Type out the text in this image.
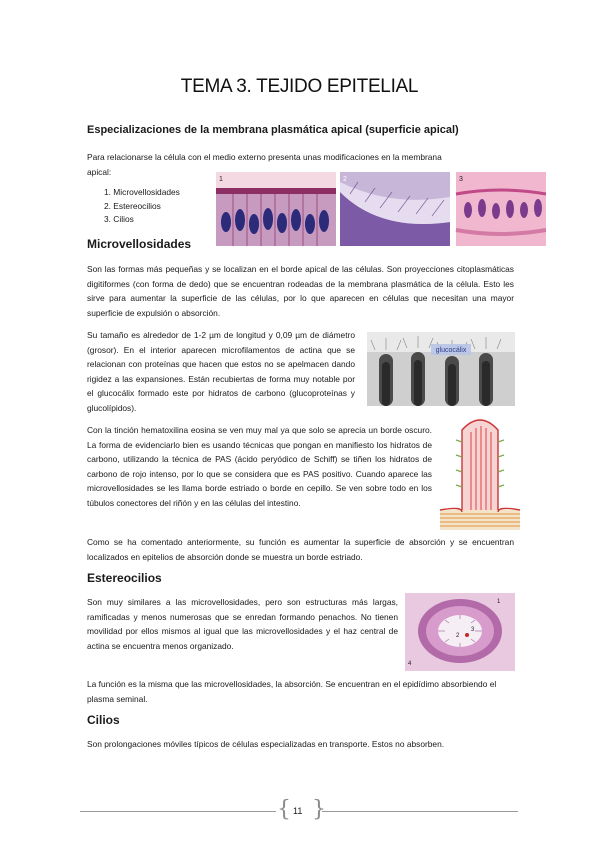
TEMA 3. TEJIDO EPITELIAL
Especializaciones de la membrana plasmática apical (superficie apical)
Para relacionarse la célula con el medio externo presenta unas modificaciones en la membrana
apical:
1. Microvellosidades
2. Estereocilios
3. Cilios
1	2	3
Microvellosidades
Son las formas más pequeñas y se localizan en el borde apical de las células. Son proyecciones citoplasmáticas digitiformes (con forma de dedo) que se encuentran rodeadas de la membrana plasmática de la célula. Esto les sirve para aumentar la superficie de las células, por lo que aparecen en células que necesitan una mayor superficie de expulsión o absorción.
Su tamaño es alrededor de 1-2 µm de longitud y 0,09 µm de diámetro (grosor). En el interior aparecen microfilamentos de actina que se relacionan con proteínas que hacen que estos no se apelmacen dando rigidez a las expansiones. Están recubiertas de forma muy notable por el glucocálix formado este por hidratos de carbono (glucoproteínas y glucolípidos).
glucocálix
Con la tinción hematoxilina eosina se ven muy mal ya que solo se aprecia un borde oscuro. La forma de evidenciarlo bien es usando técnicas que pongan en manifiesto los hidratos de carbono, utilizando la técnica de PAS (ácido peryódico de Schiff) se tiñen los hidratos de carbono de rojo intenso, por lo que se considera que es PAS positivo. Cuando aparece las microvellosidades se les llama borde estriado o borde en cepillo. Se ven sobre todo en los túbulos conectores del riñón y en las células del intestino.
Como se ha comentado anteriormente, su función es aumentar la superficie de absorción y se encuentran localizados en epitelios de absorción donde se muestra un borde estriado.
Estereocilios
Son muy similares a las microvellosidades, pero son estructuras más largas, ramificadas y menos numerosas que se enredan formando penachos. No tienen movilidad por ellos mismos al igual que las microvellosidades y el haz central de actina se encuentra menos organizado.
1
2
3
4
La función es la misma que las microvellosidades, la absorción. Se encuentran en el epidídimo absorbiendo el plasma seminal.
Cilios
Son prolongaciones móviles típicos de células especializadas en transporte. Estos no absorben.
{ }
11
